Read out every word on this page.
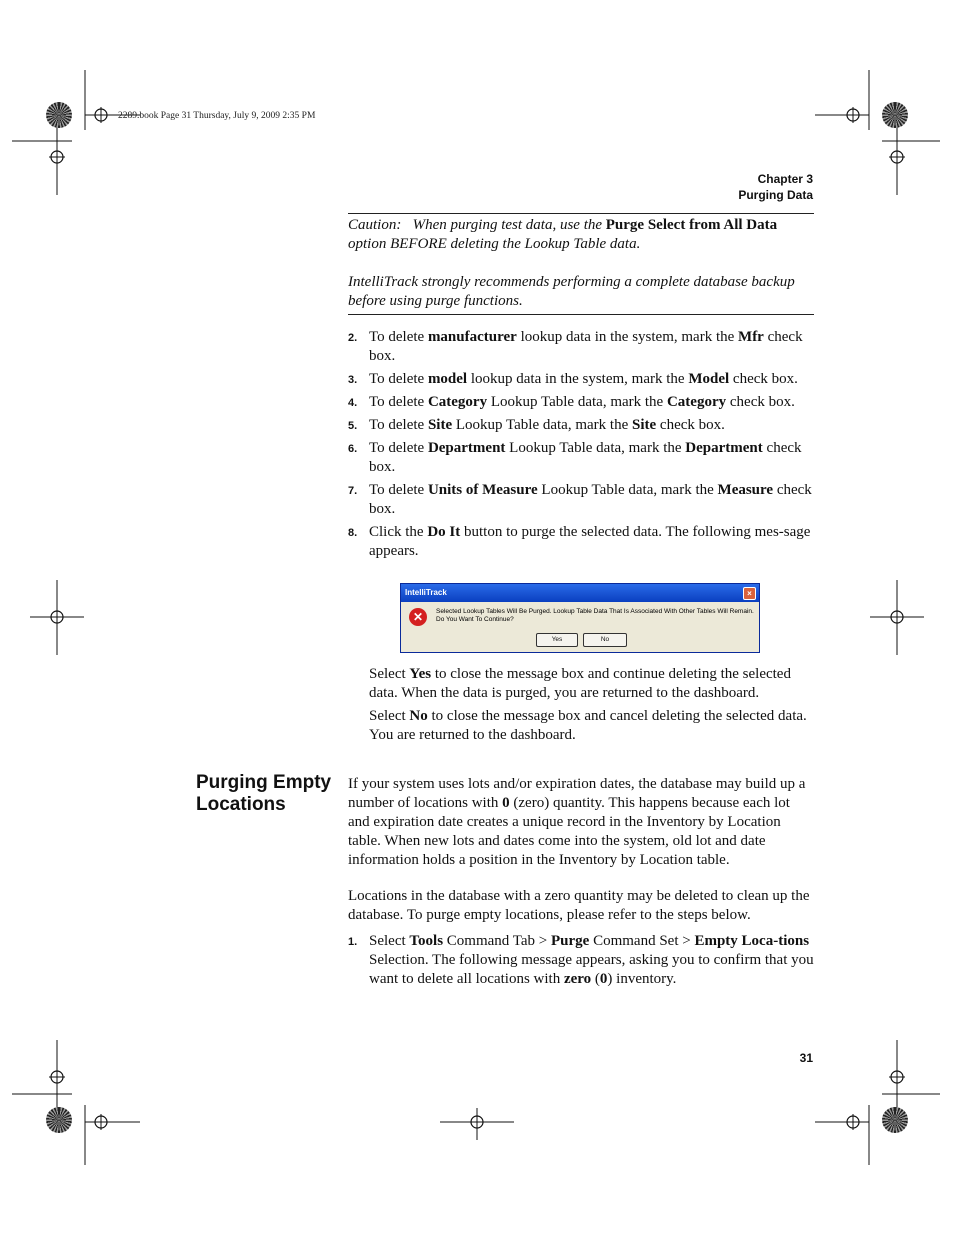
2289.book Page 31 Thursday, July 9, 2009 2:35 PM
Chapter 3
Purging Data
Caution: When purging test data, use the Purge Select from All Data option BEFORE deleting the Lookup Table data.
IntelliTrack strongly recommends performing a complete database backup before using purge functions.
2. To delete manufacturer lookup data in the system, mark the Mfr check box.
3. To delete model lookup data in the system, mark the Model check box.
4. To delete Category Lookup Table data, mark the Category check box.
5. To delete Site Lookup Table data, mark the Site check box.
6. To delete Department Lookup Table data, mark the Department check box.
7. To delete Units of Measure Lookup Table data, mark the Measure check box.
8. Click the Do It button to purge the selected data. The following mes-sage appears.
IntelliTrack	×
✕	Selected Lookup Tables Will Be Purged. Lookup Table Data That Is Associated With Other Tables Will Remain. Do You Want To Continue?
Yes	No

Select Yes to close the message box and continue deleting the selected data. When the data is purged, you are returned to the dashboard.

Select No to close the message box and cancel deleting the selected data. You are returned to the dashboard.

Purging Empty Locations
If your system uses lots and/or expiration dates, the database may build up a number of locations with 0 (zero) quantity. This happens because each lot and expiration date creates a unique record in the Inventory by Location table. When new lots and dates come into the system, old lot and date information holds a position in the Inventory by Location table.
Locations in the database with a zero quantity may be deleted to clean up the database. To purge empty locations, please refer to the steps below.
1. Select Tools Command Tab > Purge Command Set > Empty Loca-tions Selection. The following message appears, asking you to confirm that you want to delete all locations with zero (0) inventory.
31
